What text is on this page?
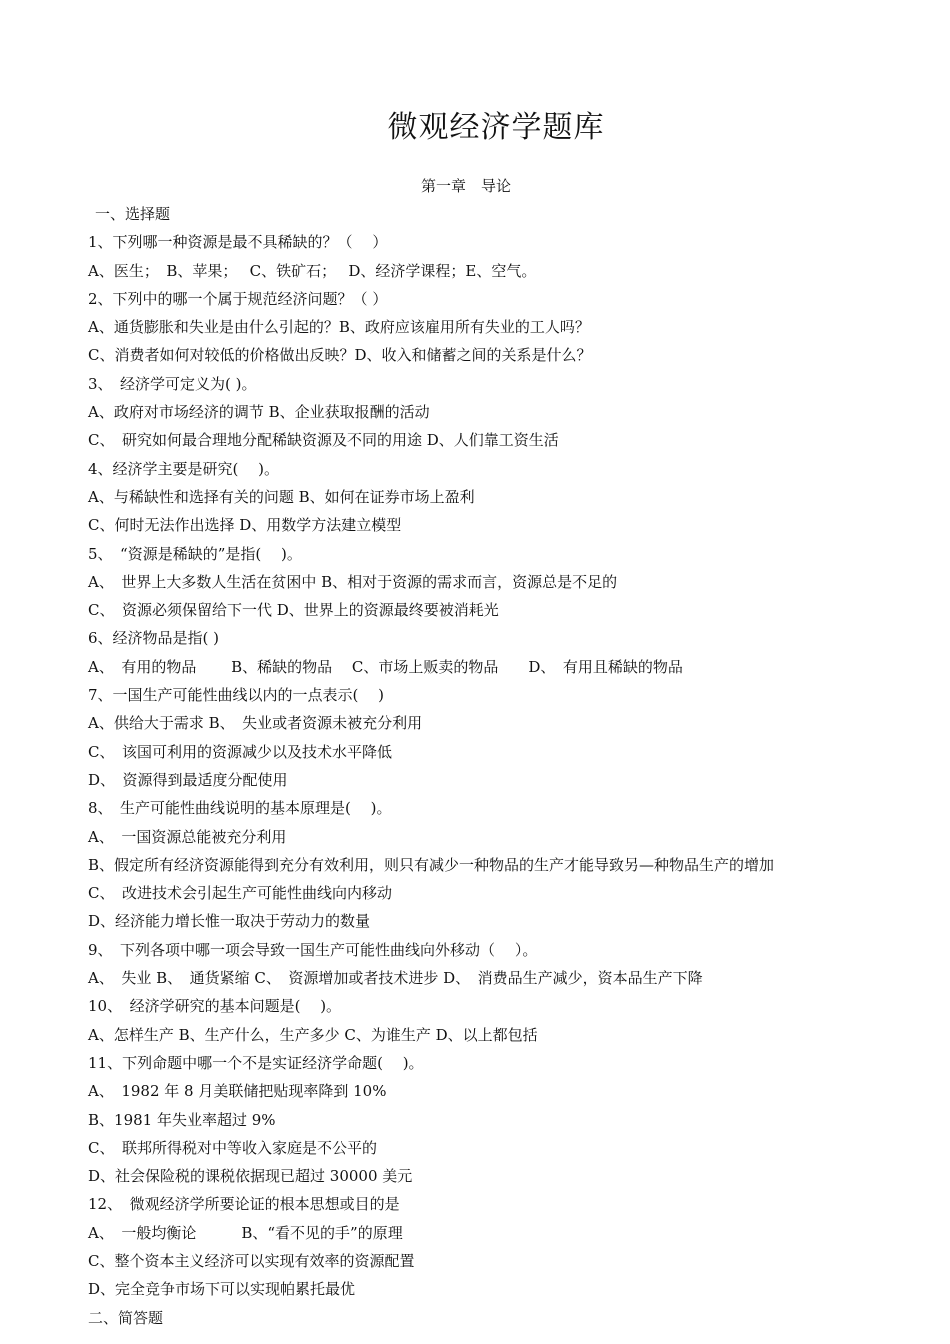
微观经济学题库
第一章　导论
一、选择题
1、下列哪一种资源是最不具稀缺的？（　 ）
A、医生；　B、苹果；　 C、铁矿石；　 D、经济学课程；E、空气。
2、下列中的哪一个属于规范经济问题？（ ）
A、通货膨胀和失业是由什么引起的？B、政府应该雇用所有失业的工人吗？
C、消费者如何对较低的价格做出反映？D、收入和储蓄之间的关系是什么？
3、　经济学可定义为( )。
A、政府对市场经济的调节 B、企业获取报酬的活动
C、　研究如何最合理地分配稀缺资源及不同的用途 D、人们靠工资生活
4、经济学主要是研究(　 )。
A、与稀缺性和选择有关的问题 B、如何在证券市场上盈利
C、何时无法作出选择 D、用数学方法建立模型
5、　“资源是稀缺的”是指(　 )。
A、　世界上大多数人生活在贫困中 B、相对于资源的需求而言，资源总是不足的
C、　资源必须保留给下一代 D、世界上的资源最终要被消耗光
6、经济物品是指( )
A、　有用的物品　　 B、稀缺的物品　 C、市场上贩卖的物品　　D、　有用且稀缺的物品
7、一国生产可能性曲线以内的一点表示(　 )
A、供给大于需求 B、　失业或者资源未被充分利用
C、　该国可利用的资源减少以及技术水平降低
D、　资源得到最适度分配使用
8、　生产可能性曲线说明的基本原理是(　 )。
A、　一国资源总能被充分利用
B、假定所有经济资源能得到充分有效利用，则只有减少一种物品的生产才能导致另—种物品生产的增加
C、　改进技术会引起生产可能性曲线向内移动
D、经济能力增长惟一取决于劳动力的数量
9、　下列各项中哪一项会导致一国生产可能性曲线向外移动（　 ）。
A、　失业 B、　通货紧缩 C、　资源增加或者技术进步 D、　消费品生产减少，资本品生产下降
10、　经济学研究的基本问题是(　 )。
A、怎样生产 B、生产什么，生产多少 C、为谁生产 D、以上都包括
11、下列命题中哪一个不是实证经济学命题(　 )。
A、　1982 年 8 月美联储把贴现率降到 10%
B、1981 年失业率超过 9%
C、　联邦所得税对中等收入家庭是不公平的
D、社会保险税的课税依据现已超过 30000 美元
12、　微观经济学所要论证的根本思想或目的是
A、　一般均衡论　　　B、“看不见的手”的原理
C、整个资本主义经济可以实现有效率的资源配置
D、完全竞争市场下可以实现帕累托最优
二、简答题
